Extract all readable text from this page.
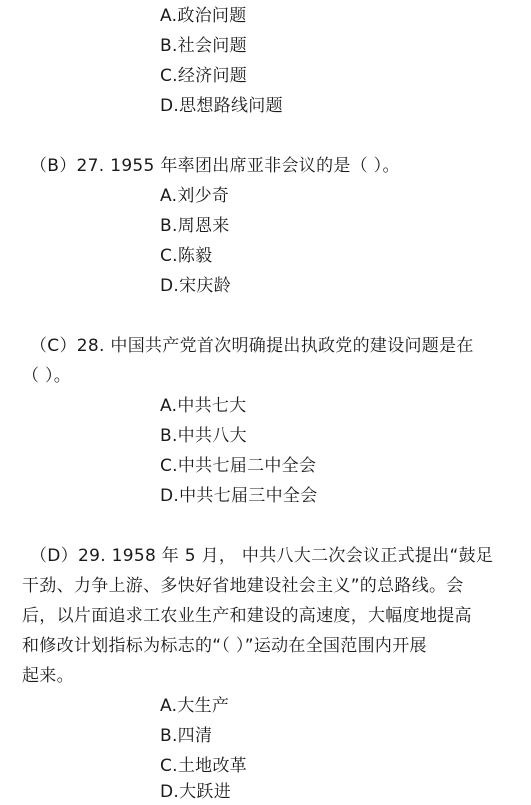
A.政治问题
B.社会问题
C.经济问题
D.思想路线问题
（B）27. 1955 年率团出席亚非会议的是（ ）。
A.刘少奇
B.周恩来
C.陈毅
D.宋庆龄
（C）28. 中国共产党首次明确提出执政党的建设问题是在
（ ）。
A.中共七大
B.中共八大
C.中共七届二中全会
D.中共七届三中全会
（D）29. 1958 年 5 月， 中共八大二次会议正式提出“鼓足
干劲、力争上游、多快好省地建设社会主义”的总路线。会
后，以片面追求工农业生产和建设的高速度，大幅度地提高
和修改计划指标为标志的“（ ）”运动在全国范围内开展
起来。
A.大生产
B.四清
C.土地改革
D.大跃进
